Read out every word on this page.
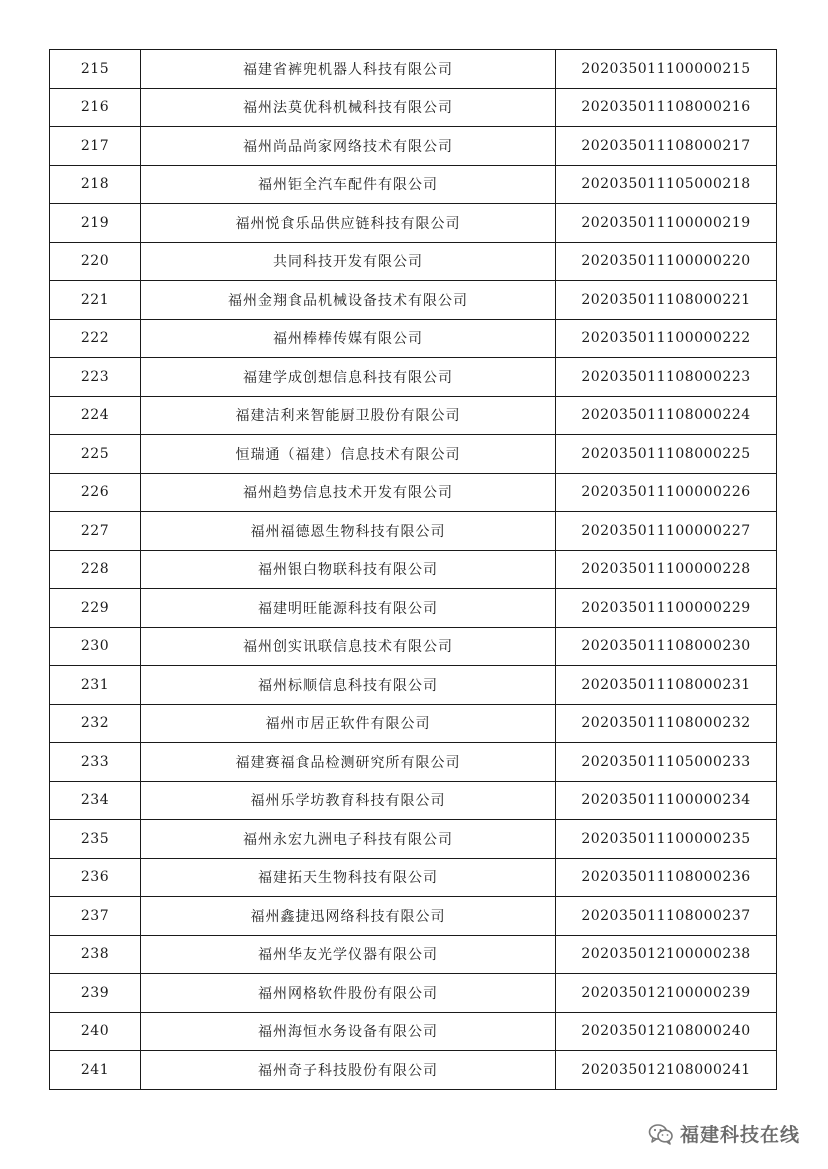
215	福建省裤兜机器人科技有限公司	202035011100000215
216	福州法莫优科机械科技有限公司	202035011108000216
217	福州尚品尚家网络技术有限公司	202035011108000217
218	福州钜全汽车配件有限公司	202035011105000218
219	福州悦食乐品供应链科技有限公司	202035011100000219
220	共同科技开发有限公司	202035011100000220
221	福州金翔食品机械设备技术有限公司	202035011108000221
222	福州棒棒传媒有限公司	202035011100000222
223	福建学成创想信息科技有限公司	202035011108000223
224	福建洁利来智能厨卫股份有限公司	202035011108000224
225	恒瑞通（福建）信息技术有限公司	202035011108000225
226	福州趋势信息技术开发有限公司	202035011100000226
227	福州福德恩生物科技有限公司	202035011100000227
228	福州银白物联科技有限公司	202035011100000228
229	福建明旺能源科技有限公司	202035011100000229
230	福州创实讯联信息技术有限公司	202035011108000230
231	福州标顺信息科技有限公司	202035011108000231
232	福州市居正软件有限公司	202035011108000232
233	福建赛福食品检测研究所有限公司	202035011105000233
234	福州乐学坊教育科技有限公司	202035011100000234
235	福州永宏九洲电子科技有限公司	202035011100000235
236	福建拓天生物科技有限公司	202035011108000236
237	福州鑫捷迅网络科技有限公司	202035011108000237
238	福州华友光学仪器有限公司	202035012100000238
239	福州网格软件股份有限公司	202035012100000239
240	福州海恒水务设备有限公司	202035012108000240
241	福州奇子科技股份有限公司	202035012108000241
福建科技在线
